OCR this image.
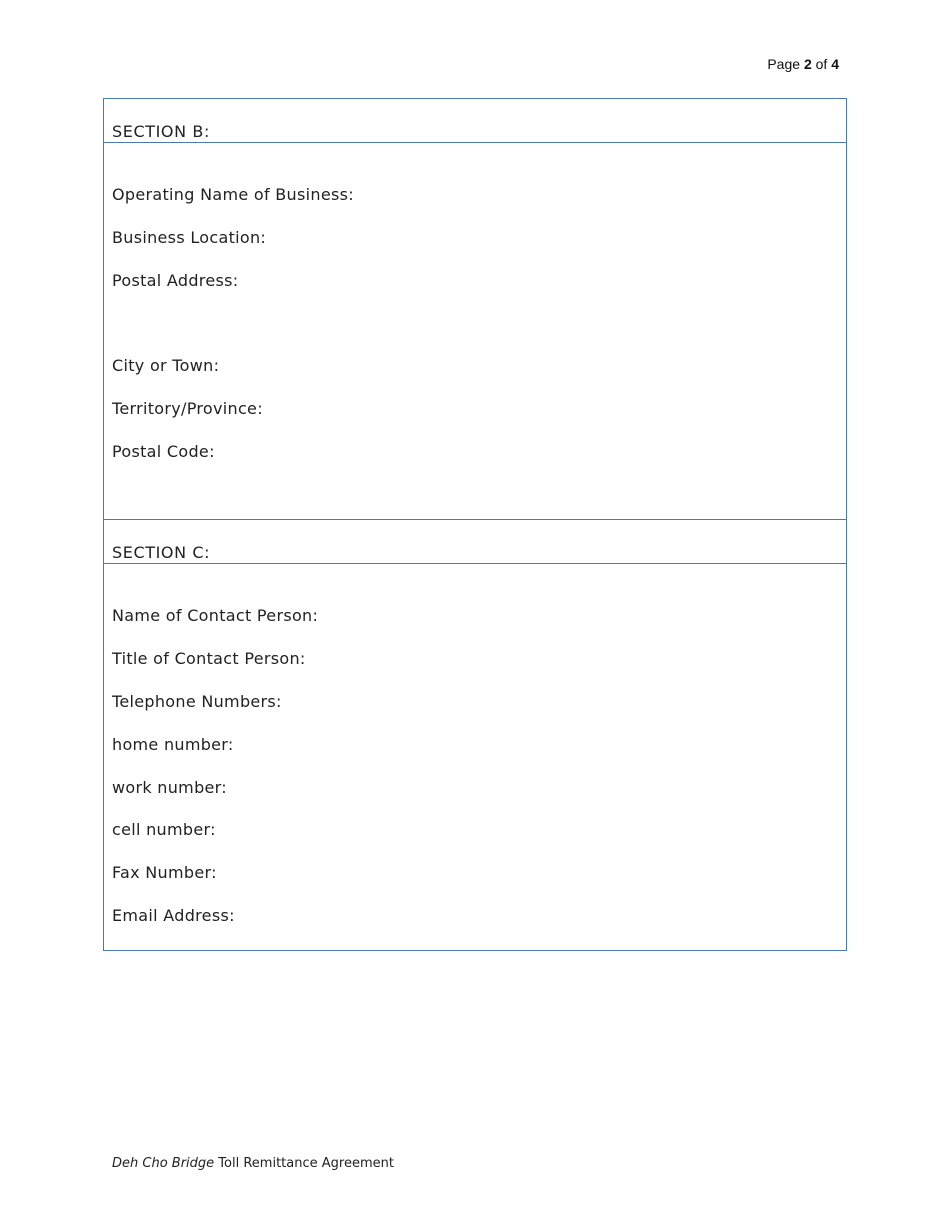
Page 2 of 4
SECTION B:
Operating Name of Business:
Business Location:
Postal Address:
City or Town:
Territory/Province:
Postal Code:
SECTION C:
Name of Contact Person:
Title of Contact Person:
Telephone Numbers:
home number:
work number:
cell number:
Fax Number:
Email Address:
Deh Cho Bridge Toll Remittance Agreement
